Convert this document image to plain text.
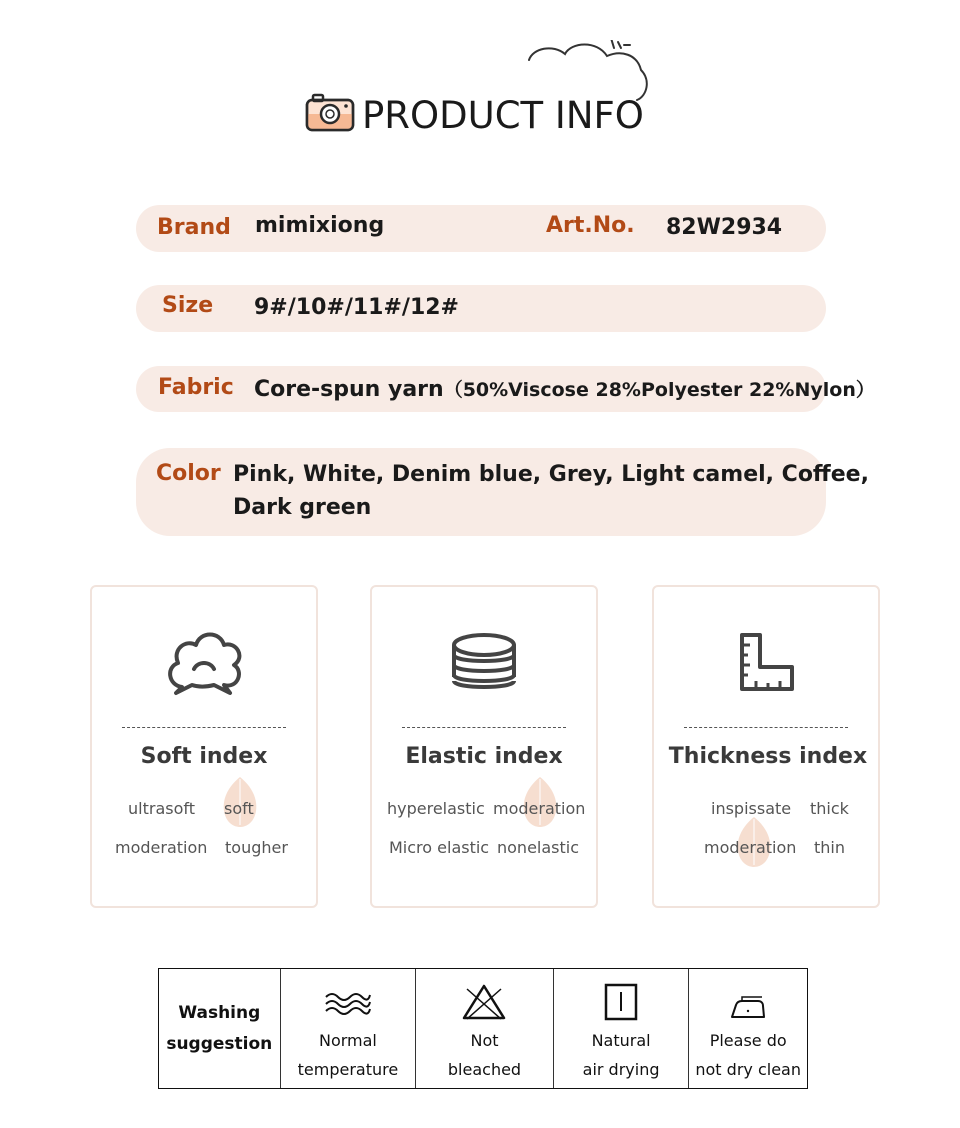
PRODUCT INFO
Brand mimixiong	Art.No. 82W2934
Size 9#/10#/11#/12#
Fabric Core-spun yarn（50%Viscose 28%Polyester 22%Nylon）
Color Pink, White, Denim blue, Grey, Light camel, Coffee,
Dark green
Soft index
ultrasoft soft
moderation tougher
Elastic index
hyperelastic moderation
Micro elastic nonelastic
Thickness index
inspissate thick
moderation thin
Washing
suggestion	Normal
temperature
Not
bleached
Natural
air drying
Please do
not dry clean
